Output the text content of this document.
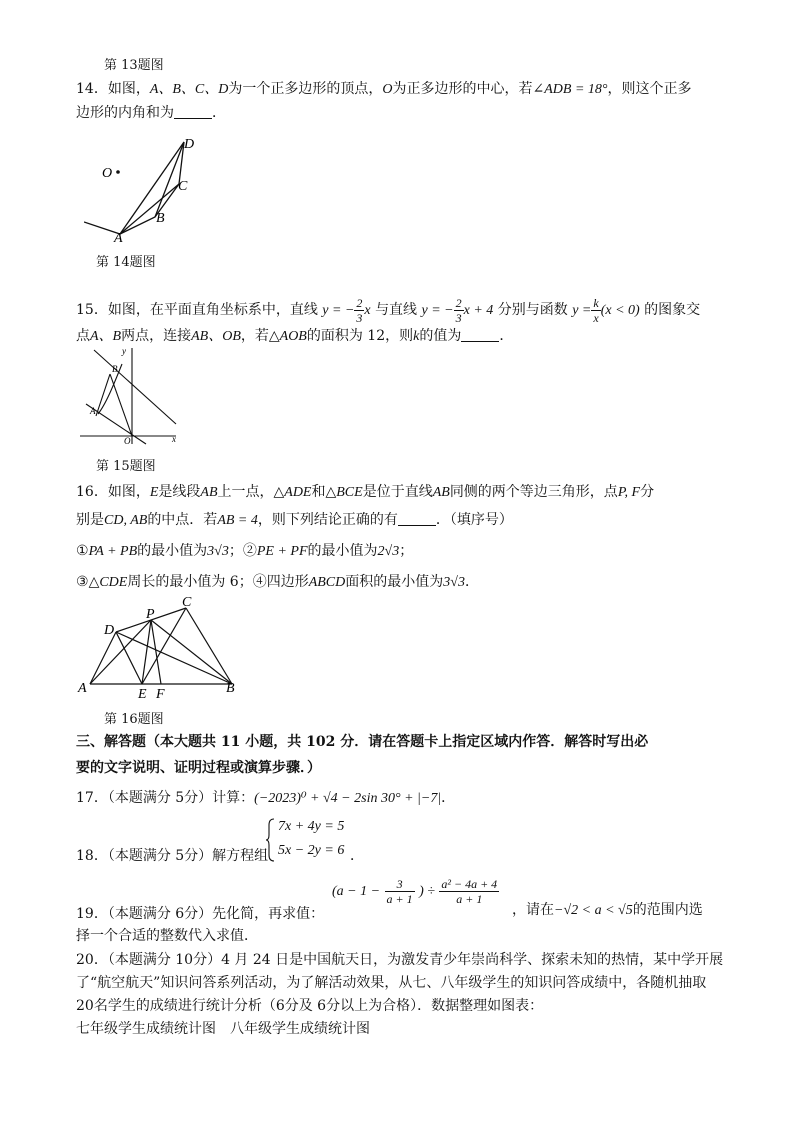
第 13题图
14．如图，A、B、C、D为一个正多边形的顶点，O为正多边形的中心，若∠ADB = 18°，则这个正多
边形的内角和为	．
O
D
C
B
A
第 14题图
15．如图，在平面直角坐标系中，直线 y = − $\frac{2}{3}$ x 与直线 y = − $\frac{2}{3}$ x + 4 分别与函数 $y = \frac{k}{x} (x < 0)$ 的图象交
点A、B两点，连接AB、OB，若△AOB的面积为 12，则k的值为	．
y
x
O
B
A
第 15题图
16．如图，E是线段AB上一点，△ADE和△BCE是位于直线AB同侧的两个等边三角形，点P, F分
别是CD, AB的中点．若AB = 4，则下列结论正确的有	．（填序号）
①PA + PB的最小值为3√3；②PE + PF的最小值为2√3；
③△CDE周长的最小值为 6；④四边形ABCD面积的最小值为3√3．
C
P
D
A	E F	B
第 16题图
三、解答题（本大题共 11 小题，共 102 分．请在答题卡上指定区域内作答．解答时写出必
要的文字说明、证明过程或演算步骤．）
17．（本题满分 5分）计算：(−2023)⁰ + √4 − 2sin 30° + |−7|．
18．（本题满分 5分）解方程组
7x + 4y = 5
5x − 2y = 6 ．
($a - 1 - \frac{3}{a + 1}$ ) ÷ $\frac{\text{a² − 4a + 4}}{a + 1}$
19．（本题满分 6分）先化简，再求值：	，请在−√2 < a < √5的范围内选
择一个合适的整数代入求值．
20．（本题满分 10分）4 月 24 日是中国航天日，为激发青少年崇尚科学、探索未知的热情，某中学开展
了“航空航天”知识问答系列活动，为了解活动效果，从七、八年级学生的知识问答成绩中，各随机抽取
20名学生的成绩进行统计分析（6分及 6分以上为合格）．数据整理如图表：
七年级学生成绩统计图　八年级学生成绩统计图
